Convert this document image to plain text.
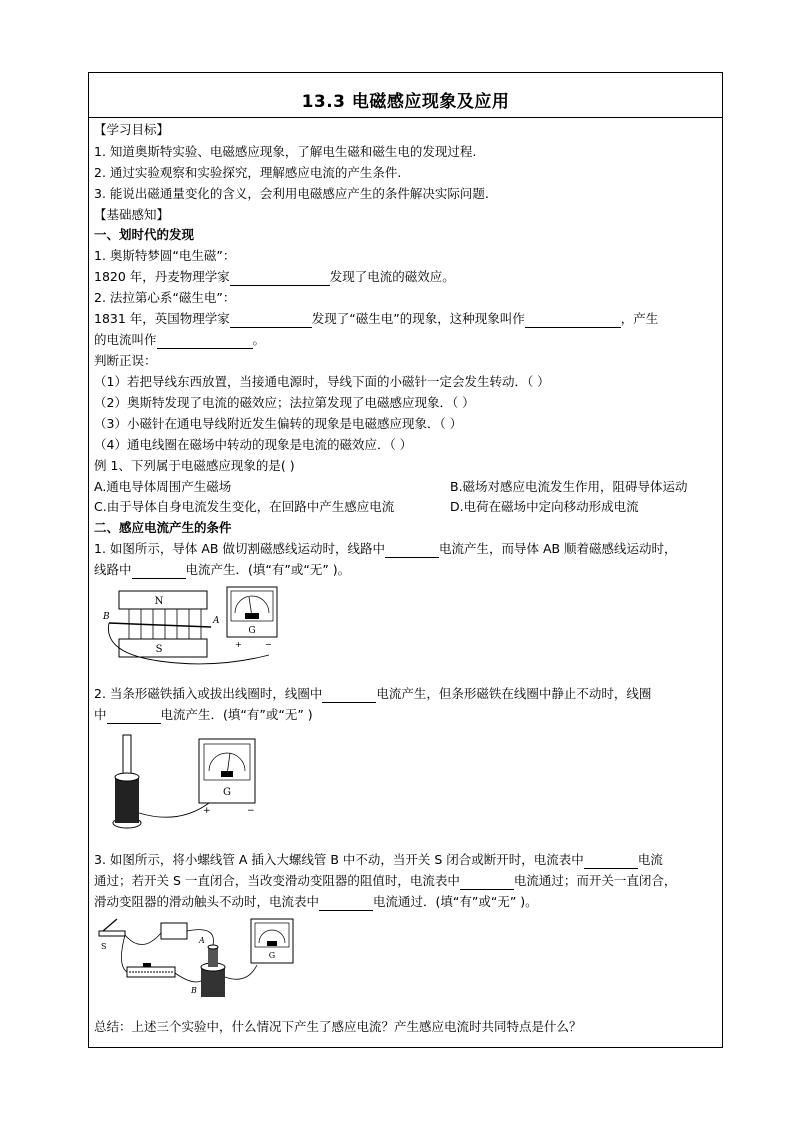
13.3 电磁感应现象及应用
【学习目标】
1. 知道奥斯特实验、电磁感应现象，了解电生磁和磁生电的发现过程.
2. 通过实验观察和实验探究，理解感应电流的产生条件.
3. 能说出磁通量变化的含义，会利用电磁感应产生的条件解决实际问题.
【基础感知】
一、划时代的发现
1. 奥斯特梦圆“电生磁”：
1820 年，丹麦物理学家	发现了电流的磁效应。
2. 法拉第心系“磁生电”：
1831 年，英国物理学家	发现了“磁生电”的现象，这种现象叫作	，产生
的电流叫作	。
判断正误：
（1）若把导线东西放置，当接通电源时，导线下面的小磁针一定会发生转动．（ ）
（2）奥斯特发现了电流的磁效应；法拉第发现了电磁感应现象．（ ）
（3）小磁针在通电导线附近发生偏转的现象是电磁感应现象．（ ）
（4）通电线圈在磁场中转动的现象是电流的磁效应．（ ）
例 1、下列属于电磁感应现象的是( )
A.通电导体周围产生磁场	B.磁场对感应电流发生作用，阻碍导体运动
C.由于导体自身电流发生变化，在回路中产生感应电流	D.电荷在磁场中定向移动形成电流
二、感应电流产生的条件
1. 如图所示，导体 AB 做切割磁感线运动时，线路中	电流产生，而导体 AB 顺着磁感线运动时，
线路中	电流产生．(填“有”或“无” )。
2. 当条形磁铁插入或拔出线圈时，线圈中	电流产生，但条形磁铁在线圈中静止不动时，线圈
中	电流产生．(填“有”或“无” )
3. 如图所示，将小螺线管 A 插入大螺线管 B 中不动，当开关 S 闭合或断开时，电流表中	电流
通过；若开关 S 一直闭合，当改变滑动变阻器的阻值时，电流表中	电流通过；而开关一直闭合，
滑动变阻器的滑动触头不动时，电流表中	电流通过．(填“有”或“无” )。
总结：上述三个实验中，什么情况下产生了感应电流？产生感应电流时共同特点是什么？
N
S
B	A
G
+	−
G
+	−
S
A
B
G
